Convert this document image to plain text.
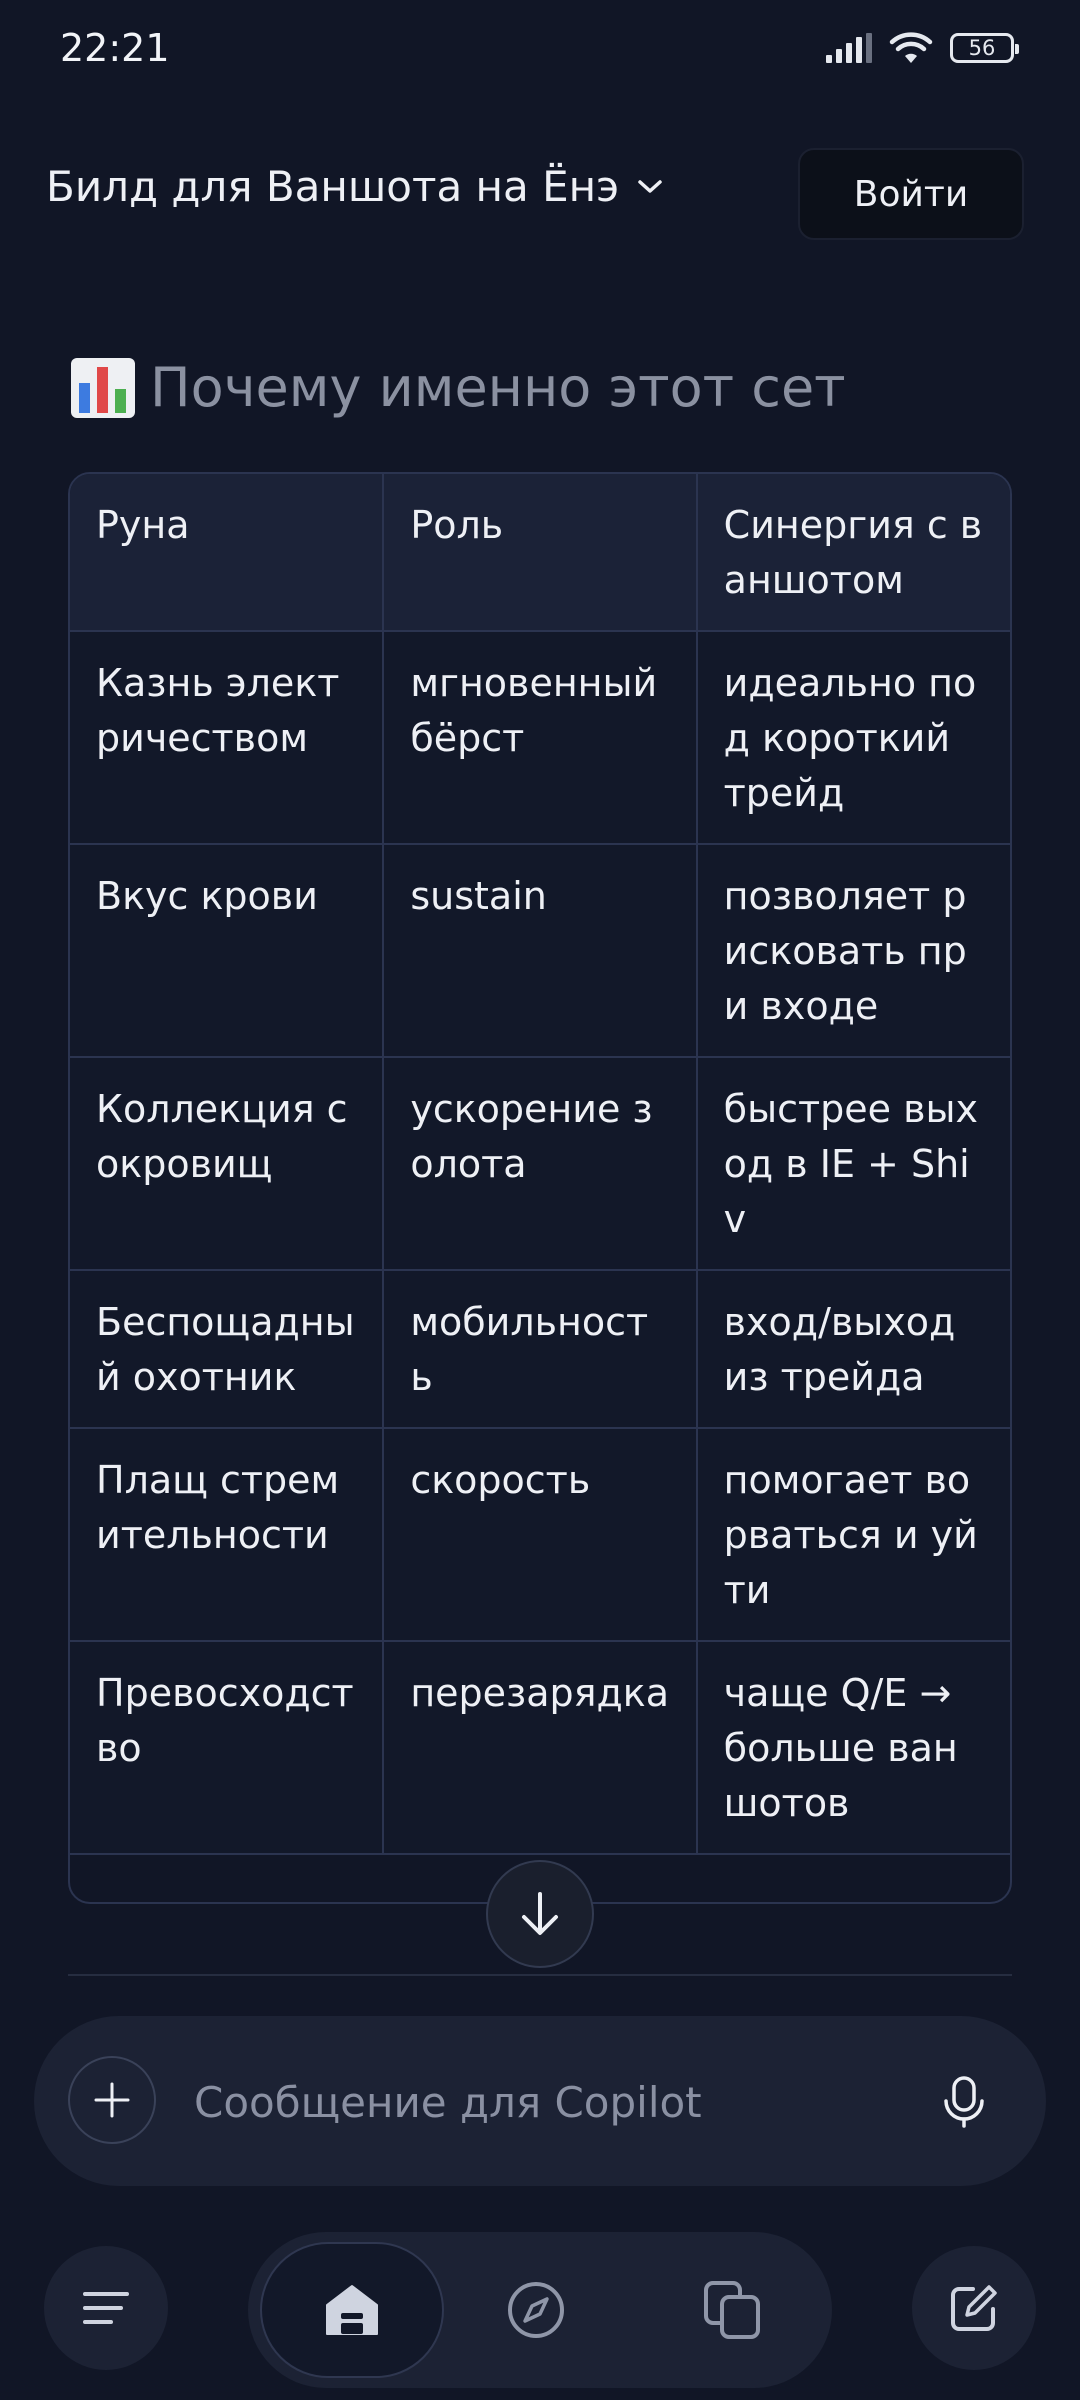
22:21	56
Билд для Ваншота на Ёнэ	Войти
Почему именно этот сет
Руна	Роль	Синергия с ваншотом
Казнь электричеством	мгновенный бёрст	идеально под короткий трейд
Вкус крови	sustain	позволяет рисковать при входе
Коллекция сокровищ	ускорение золота	быстрее выход в IE + Shiv
Беспощадный охотник	мобильность	вход/выход из трейда
Плащ стремительности	скорость	помогает ворваться и уйти
Превосходство	перезарядка	чаще Q/E → больше ваншотов
Сообщение для Copilot
